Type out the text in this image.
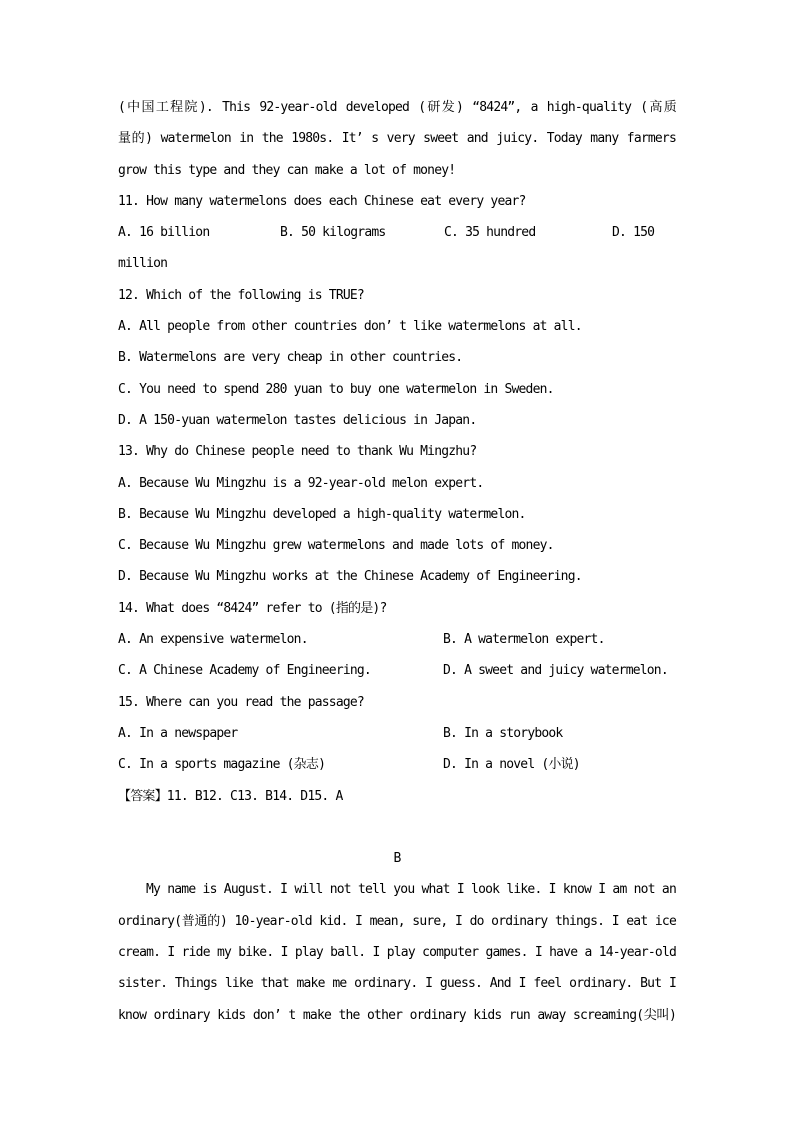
(中国工程院). This 92-year-old developed (研发) “8424”, a high-quality (高质
量的) watermelon in the 1980s. It’ s very sweet and juicy. Today many farmers
grow this type and they can make a lot of money!
11. How many watermelons does each Chinese eat every year?
A. 16 billion	B. 50 kilograms	C. 35 hundred	D. 150
million
12. Which of the following is TRUE?
A. All people from other countries don’ t like watermelons at all.
B. Watermelons are very cheap in other countries.
C. You need to spend 280 yuan to buy one watermelon in Sweden.
D. A 150-yuan watermelon tastes delicious in Japan.
13. Why do Chinese people need to thank Wu Mingzhu?
A. Because Wu Mingzhu is a 92-year-old melon expert.
B. Because Wu Mingzhu developed a high-quality watermelon.
C. Because Wu Mingzhu grew watermelons and made lots of money.
D. Because Wu Mingzhu works at the Chinese Academy of Engineering.
14. What does “8424” refer to (指的是)?
A. An expensive watermelon.	B. A watermelon expert.
C. A Chinese Academy of Engineering.	D. A sweet and juicy watermelon.
15. Where can you read the passage?
A. In a newspaper	B. In a storybook
C. In a sports magazine (杂志)	D. In a novel (小说)
【答案】11. B12. C13. B14. D15. A
B
My name is August. I will not tell you what I look like. I know I am not an
ordinary(普通的) 10-year-old kid. I mean, sure, I do ordinary things. I eat ice
cream. I ride my bike. I play ball. I play computer games. I have a 14-year-old
sister. Things like that make me ordinary. I guess. And I feel ordinary. But I
know ordinary kids don’ t make the other ordinary kids run away screaming(尖叫)
